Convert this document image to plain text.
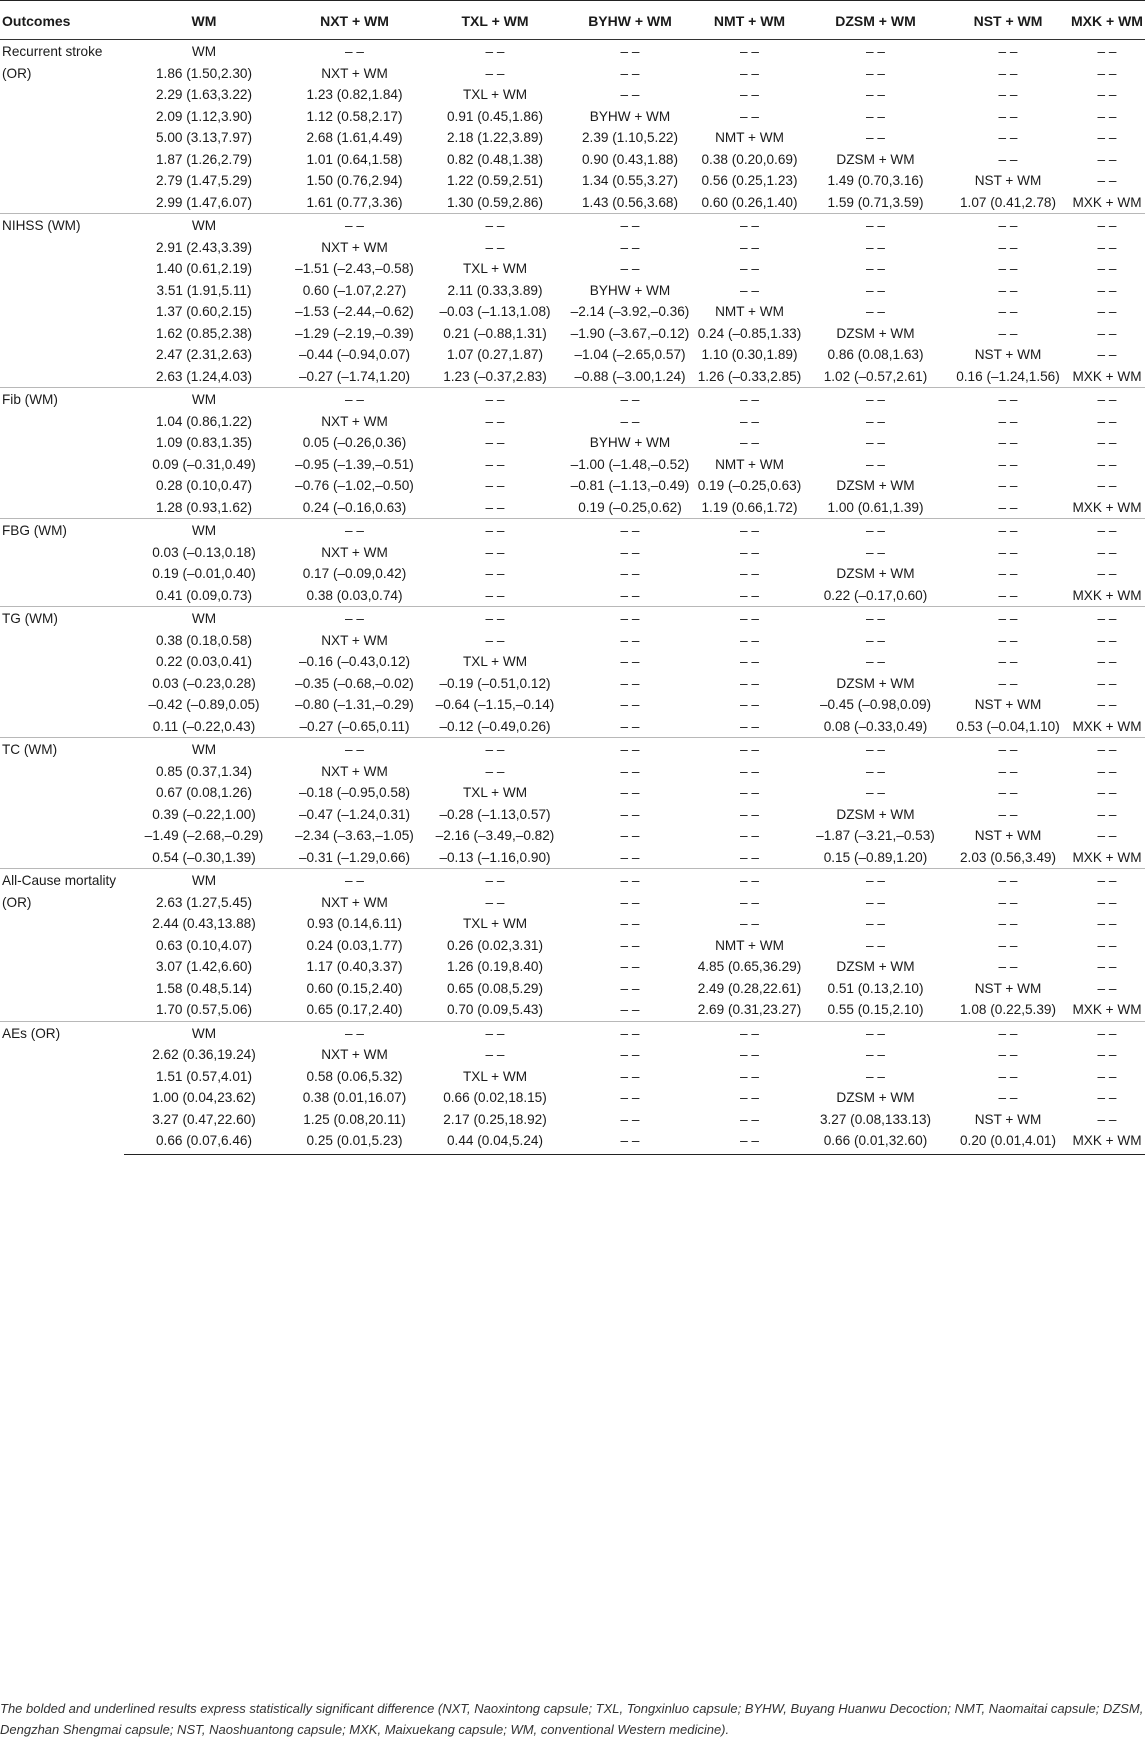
Outcomes	WM	NXT + WM	TXL + WM	BYHW + WM	NMT + WM	DZSM + WM	NST + WM	MXK + WM
Recurrent stroke (OR)	WM	– –	– –	– –	– –	– –	– –	– –
	1.86 (1.50,2.30)	NXT + WM	– –	– –	– –	– –	– –	– –
	2.29 (1.63,3.22)	1.23 (0.82,1.84)	TXL + WM	– –	– –	– –	– –	– –
	2.09 (1.12,3.90)	1.12 (0.58,2.17)	0.91 (0.45,1.86)	BYHW + WM	– –	– –	– –	– –
	5.00 (3.13,7.97)	2.68 (1.61,4.49)	2.18 (1.22,3.89)	2.39 (1.10,5.22)	NMT + WM	– –	– –	– –
	1.87 (1.26,2.79)	1.01 (0.64,1.58)	0.82 (0.48,1.38)	0.90 (0.43,1.88)	0.38 (0.20,0.69)	DZSM + WM	– –	– –
	2.79 (1.47,5.29)	1.50 (0.76,2.94)	1.22 (0.59,2.51)	1.34 (0.55,3.27)	0.56 (0.25,1.23)	1.49 (0.70,3.16)	NST + WM	– –
	2.99 (1.47,6.07)	1.61 (0.77,3.36)	1.30 (0.59,2.86)	1.43 (0.56,3.68)	0.60 (0.26,1.40)	1.59 (0.71,3.59)	1.07 (0.41,2.78)	MXK + WM
NIHSS (WM)	WM	– –	– –	– –	– –	– –	– –	– –
	2.91 (2.43,3.39)	NXT + WM	– –	– –	– –	– –	– –	– –
	1.40 (0.61,2.19)	–1.51 (–2.43,–0.58)	TXL + WM	– –	– –	– –	– –	– –
	3.51 (1.91,5.11)	0.60 (–1.07,2.27)	2.11 (0.33,3.89)	BYHW + WM	– –	– –	– –	– –
	1.37 (0.60,2.15)	–1.53 (–2.44,–0.62)	–0.03 (–1.13,1.08)	–2.14 (–3.92,–0.36)	NMT + WM	– –	– –	– –
	1.62 (0.85,2.38)	–1.29 (–2.19,–0.39)	0.21 (–0.88,1.31)	–1.90 (–3.67,–0.12)	0.24 (–0.85,1.33)	DZSM + WM	– –	– –
	2.47 (2.31,2.63)	–0.44 (–0.94,0.07)	1.07 (0.27,1.87)	–1.04 (–2.65,0.57)	1.10 (0.30,1.89)	0.86 (0.08,1.63)	NST + WM	– –
	2.63 (1.24,4.03)	–0.27 (–1.74,1.20)	1.23 (–0.37,2.83)	–0.88 (–3.00,1.24)	1.26 (–0.33,2.85)	1.02 (–0.57,2.61)	0.16 (–1.24,1.56)	MXK + WM
Fib (WM)	WM	– –	– –	– –	– –	– –	– –	– –
	1.04 (0.86,1.22)	NXT + WM	– –	– –	– –	– –	– –	– –
	1.09 (0.83,1.35)	0.05 (–0.26,0.36)	– –	BYHW + WM	– –	– –	– –	– –
	0.09 (–0.31,0.49)	–0.95 (–1.39,–0.51)	– –	–1.00 (–1.48,–0.52)	NMT + WM	– –	– –	– –
	0.28 (0.10,0.47)	–0.76 (–1.02,–0.50)	– –	–0.81 (–1.13,–0.49)	0.19 (–0.25,0.63)	DZSM + WM	– –	– –
	1.28 (0.93,1.62)	0.24 (–0.16,0.63)	– –	0.19 (–0.25,0.62)	1.19 (0.66,1.72)	1.00 (0.61,1.39)	– –	MXK + WM
FBG (WM)	WM	– –	– –	– –	– –	– –	– –	– –
	0.03 (–0.13,0.18)	NXT + WM	– –	– –	– –	– –	– –	– –
	0.19 (–0.01,0.40)	0.17 (–0.09,0.42)	– –	– –	– –	DZSM + WM	– –	– –
	0.41 (0.09,0.73)	0.38 (0.03,0.74)	– –	– –	– –	0.22 (–0.17,0.60)	– –	MXK + WM
TG (WM)	WM	– –	– –	– –	– –	– –	– –	– –
	0.38 (0.18,0.58)	NXT + WM	– –	– –	– –	– –	– –	– –
	0.22 (0.03,0.41)	–0.16 (–0.43,0.12)	TXL + WM	– –	– –	– –	– –	– –
	0.03 (–0.23,0.28)	–0.35 (–0.68,–0.02)	–0.19 (–0.51,0.12)	– –	– –	DZSM + WM	– –	– –
	–0.42 (–0.89,0.05)	–0.80 (–1.31,–0.29)	–0.64 (–1.15,–0.14)	– –	– –	–0.45 (–0.98,0.09)	NST + WM	– –
	0.11 (–0.22,0.43)	–0.27 (–0.65,0.11)	–0.12 (–0.49,0.26)	– –	– –	0.08 (–0.33,0.49)	0.53 (–0.04,1.10)	MXK + WM
TC (WM)	WM	– –	– –	– –	– –	– –	– –	– –
	0.85 (0.37,1.34)	NXT + WM	– –	– –	– –	– –	– –	– –
	0.67 (0.08,1.26)	–0.18 (–0.95,0.58)	TXL + WM	– –	– –	– –	– –	– –
	0.39 (–0.22,1.00)	–0.47 (–1.24,0.31)	–0.28 (–1.13,0.57)	– –	– –	DZSM + WM	– –	– –
	–1.49 (–2.68,–0.29)	–2.34 (–3.63,–1.05)	–2.16 (–3.49,–0.82)	– –	– –	–1.87 (–3.21,–0.53)	NST + WM	– –
	0.54 (–0.30,1.39)	–0.31 (–1.29,0.66)	–0.13 (–1.16,0.90)	– –	– –	0.15 (–0.89,1.20)	2.03 (0.56,3.49)	MXK + WM
All-Cause mortality (OR)	WM	– –	– –	– –	– –	– –	– –	– –
	2.63 (1.27,5.45)	NXT + WM	– –	– –	– –	– –	– –	– –
	2.44 (0.43,13.88)	0.93 (0.14,6.11)	TXL + WM	– –	– –	– –	– –	– –
	0.63 (0.10,4.07)	0.24 (0.03,1.77)	0.26 (0.02,3.31)	– –	NMT + WM	– –	– –	– –
	3.07 (1.42,6.60)	1.17 (0.40,3.37)	1.26 (0.19,8.40)	– –	4.85 (0.65,36.29)	DZSM + WM	– –	– –
	1.58 (0.48,5.14)	0.60 (0.15,2.40)	0.65 (0.08,5.29)	– –	2.49 (0.28,22.61)	0.51 (0.13,2.10)	NST + WM	– –
	1.70 (0.57,5.06)	0.65 (0.17,2.40)	0.70 (0.09,5.43)	– –	2.69 (0.31,23.27)	0.55 (0.15,2.10)	1.08 (0.22,5.39)	MXK + WM
AEs (OR)	WM	– –	– –	– –	– –	– –	– –	– –
	2.62 (0.36,19.24)	NXT + WM	– –	– –	– –	– –	– –	– –
	1.51 (0.57,4.01)	0.58 (0.06,5.32)	TXL + WM	– –	– –	– –	– –	– –
	1.00 (0.04,23.62)	0.38 (0.01,16.07)	0.66 (0.02,18.15)	– –	– –	DZSM + WM	– –	– –
	3.27 (0.47,22.60)	1.25 (0.08,20.11)	2.17 (0.25,18.92)	– –	– –	3.27 (0.08,133.13)	NST + WM	– –
	0.66 (0.07,6.46)	0.25 (0.01,5.23)	0.44 (0.04,5.24)	– –	– –	0.66 (0.01,32.60)	0.20 (0.01,4.01)	MXK + WM
The bolded and underlined results express statistically significant difference (NXT, Naoxintong capsule; TXL, Tongxinluo capsule; BYHW, Buyang Huanwu Decoction; NMT, Naomaitai capsule; DZSM, Dengzhan Shengmai capsule; NST, Naoshuantong capsule; MXK, Maixuekang capsule; WM, conventional Western medicine).
